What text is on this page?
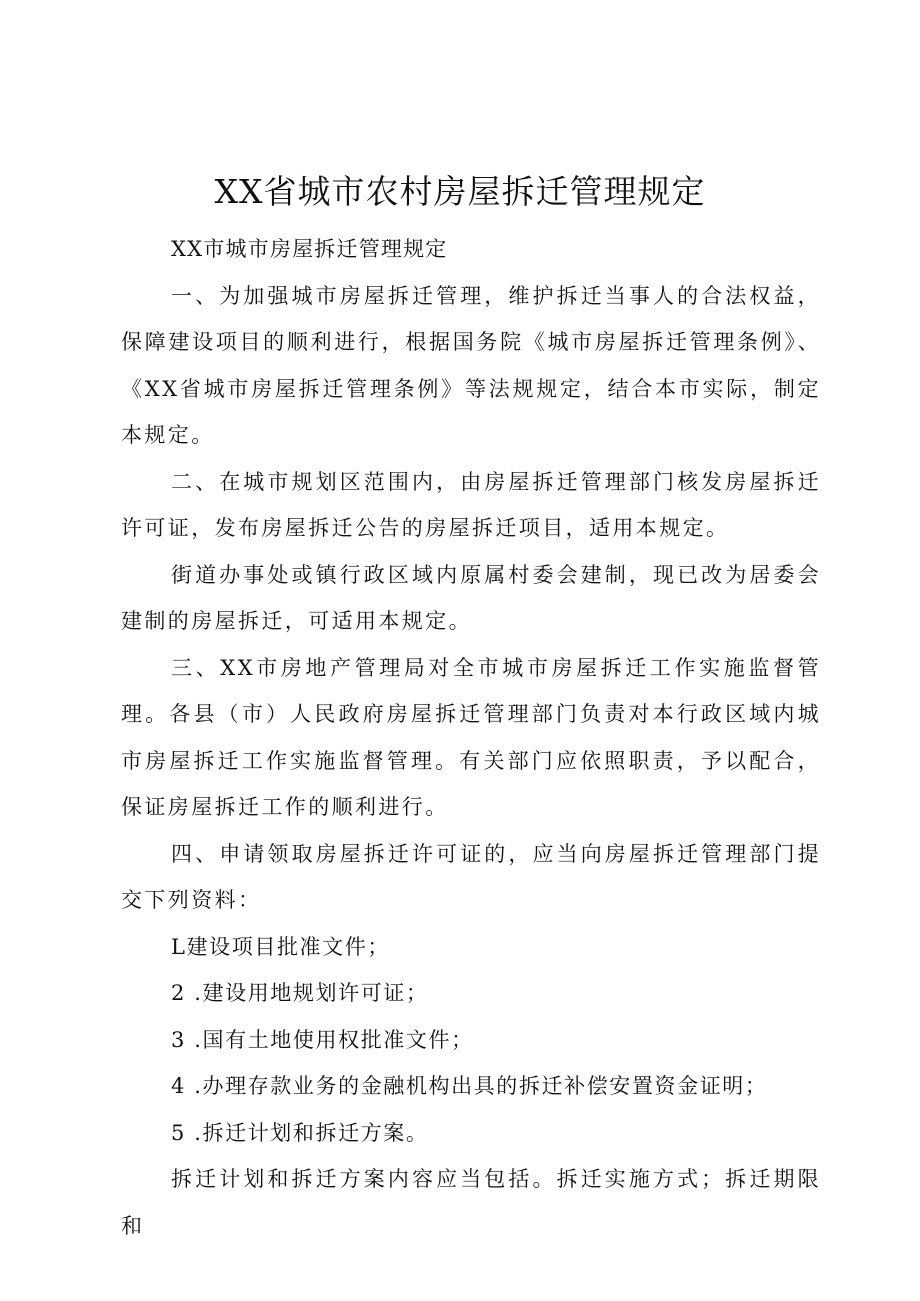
XX省城市农村房屋拆迁管理规定

XX市城市房屋拆迁管理规定

一、为加强城市房屋拆迁管理，维护拆迁当事人的合法权益，保障建设项目的顺利进行，根据国务院《城市房屋拆迁管理条例》、《XX省城市房屋拆迁管理条例》等法规规定，结合本市实际，制定本规定。

二、在城市规划区范围内，由房屋拆迁管理部门核发房屋拆迁许可证，发布房屋拆迁公告的房屋拆迁项目，适用本规定。

街道办事处或镇行政区域内原属村委会建制，现已改为居委会建制的房屋拆迁，可适用本规定。

三、XX市房地产管理局对全市城市房屋拆迁工作实施监督管理。各县（市）人民政府房屋拆迁管理部门负责对本行政区域内城市房屋拆迁工作实施监督管理。有关部门应依照职责，予以配合，保证房屋拆迁工作的顺利进行。

四、申请领取房屋拆迁许可证的，应当向房屋拆迁管理部门提交下列资料：

L建设项目批准文件；

2 .建设用地规划许可证；

3 .国有土地使用权批准文件；

4 .办理存款业务的金融机构出具的拆迁补偿安置资金证明；

5 .拆迁计划和拆迁方案。

拆迁计划和拆迁方案内容应当包括。拆迁实施方式；拆迁期限和
